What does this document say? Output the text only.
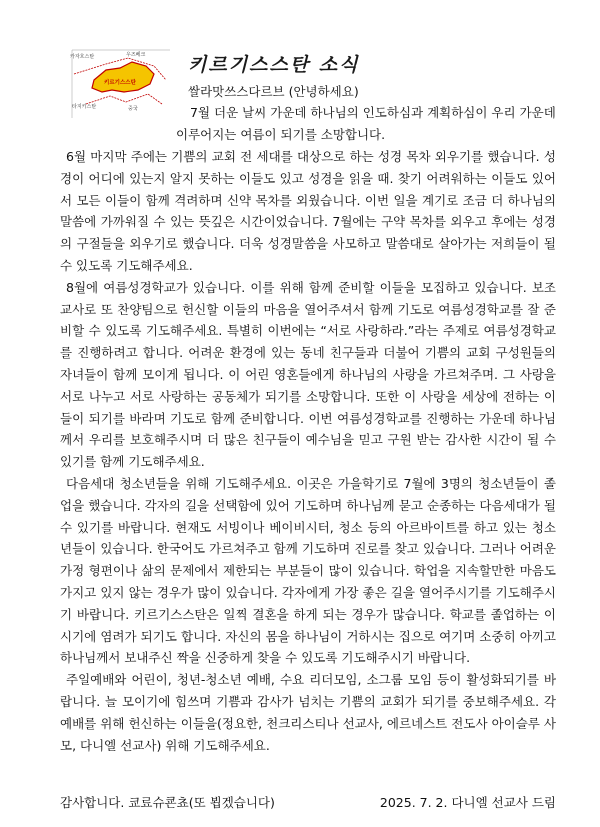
카자흐스탄	우즈베크
키르기스스탄
타지키스탄	중국
키르기스스탄 소식
쌀라맛쓰스다르브 (안녕하세요)

7월 더운 날씨 가운데 하나님의 인도하심과 계획하심이 우리 가운데 이루어지는 여름이 되기를 소망합니다.

6월 마지막 주에는 기쁨의 교회 전 세대를 대상으로 하는 성경 목차 외우기를 했습니다. 성경이 어디에 있는지 알지 못하는 이들도 있고 성경을 읽을 때. 찾기 어려워하는 이들도 있어서 모든 이들이 함께 격려하며 신약 목차를 외웠습니다. 이번 일을 계기로 조금 더 하나님의 말씀에 가까워질 수 있는 뜻깊은 시간이었습니다. 7월에는 구약 목차를 외우고 후에는 성경의 구절들을 외우기로 했습니다. 더욱 성경말씀을 사모하고 말씀대로 살아가는 저희들이 될 수 있도록 기도해주세요.

8월에 여름성경학교가 있습니다. 이를 위해 함께 준비할 이들을 모집하고 있습니다. 보조교사로 또 찬양팀으로 헌신할 이들의 마음을 열어주셔서 함께 기도로 여름성경학교를 잘 준비할 수 있도록 기도해주세요. 특별히 이번에는 “서로 사랑하라.”라는 주제로 여름성경학교를 진행하려고 합니다. 어려운 환경에 있는 동네 친구들과 더불어 기쁨의 교회 구성원들의 자녀들이 함께 모이게 됩니다. 이 어린 영혼들에게 하나님의 사랑을 가르쳐주며. 그 사랑을 서로 나누고 서로 사랑하는 공동체가 되기를 소망합니다. 또한 이 사랑을 세상에 전하는 이들이 되기를 바라며 기도로 함께 준비합니다. 이번 여름성경학교를 진행하는 가운데 하나님께서 우리를 보호해주시며 더 많은 친구들이 예수님을 믿고 구원 받는 감사한 시간이 될 수 있기를 함께 기도해주세요.

다음세대 청소년들을 위해 기도해주세요. 이곳은 가을학기로 7월에 3명의 청소년들이 졸업을 했습니다. 각자의 길을 선택함에 있어 기도하며 하나님께 묻고 순종하는 다음세대가 될 수 있기를 바랍니다. 현재도 서빙이나 베이비시터, 청소 등의 아르바이트를 하고 있는 청소년들이 있습니다. 한국어도 가르쳐주고 함께 기도하며 진로를 찾고 있습니다. 그러나 어려운 가정 형편이나 삶의 문제에서 제한되는 부분들이 많이 있습니다. 학업을 지속할만한 마음도 가지고 있지 않는 경우가 많이 있습니다. 각자에게 가장 좋은 길을 열어주시기를 기도해주시기 바랍니다. 키르기스스탄은 일찍 결혼을 하게 되는 경우가 많습니다. 학교를 졸업하는 이 시기에 염려가 되기도 합니다. 자신의 몸을 하나님이 거하시는 집으로 여기며 소중히 아끼고 하나님께서 보내주신 짝을 신중하게 찾을 수 있도록 기도해주시기 바랍니다.

주일예배와 어린이, 청년-청소년 예배, 수요 리더모임, 소그룹 모임 등이 활성화되기를 바랍니다. 늘 모이기에 힘쓰며 기쁨과 감사가 넘치는 기쁨의 교회가 되기를 중보해주세요. 각 예배를 위해 헌신하는 이들을(정요한, 천크리스티나 선교사, 에르네스트 전도사 아이슬루 사모, 다니엘 선교사) 위해 기도해주세요.

감사합니다. 쿄료슈쿈쵸(또 뵙겠습니다)	2025. 7. 2. 다니엘 선교사 드림
